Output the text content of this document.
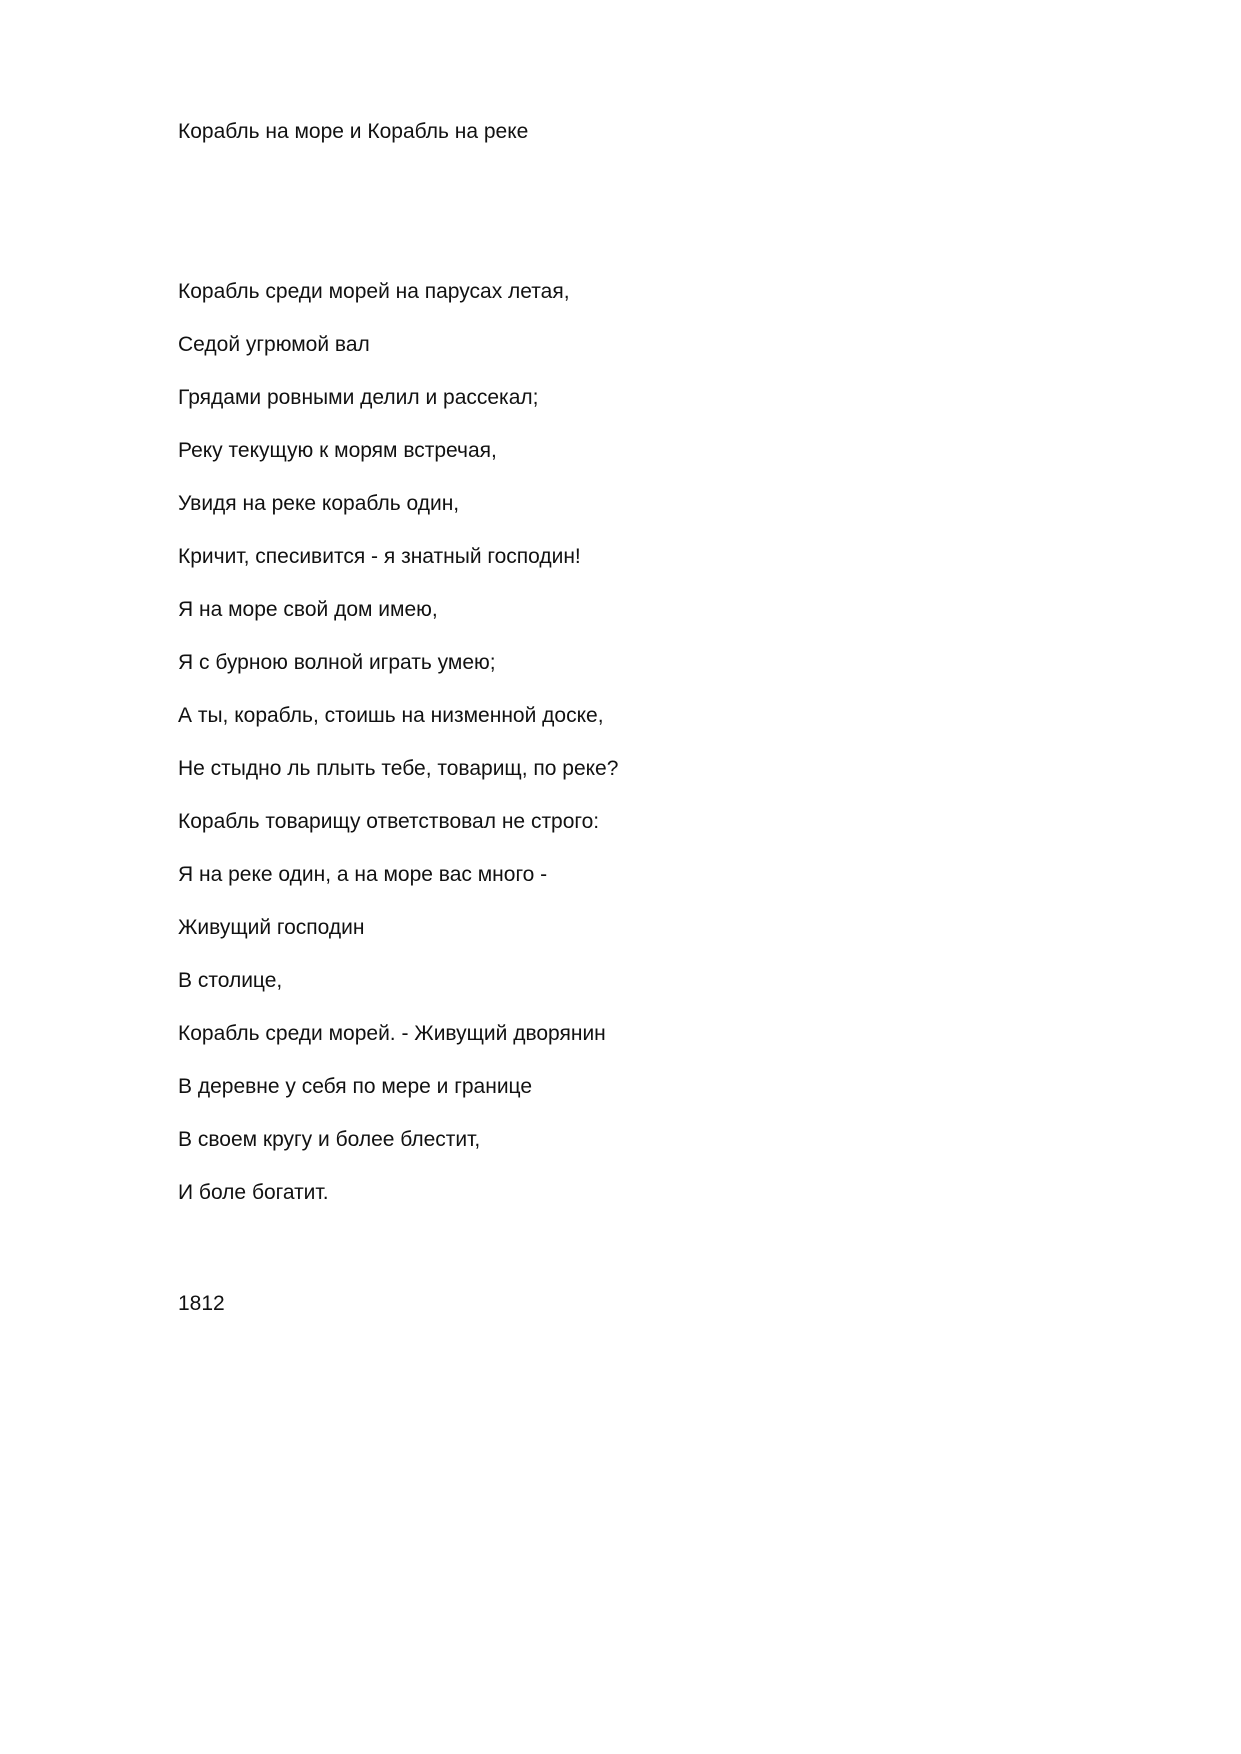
Корабль на море и Корабль на реке
Корабль среди морей на парусах летая,
Седой угрюмой вал
Грядами ровными делил и рассекал;
Реку текущую к морям встречая,
Увидя на реке корабль один,
Кричит, спесивится - я знатный господин!
Я на море свой дом имею,
Я с бурною волной играть умею;
А ты, корабль, стоишь на низменной доске,
Не стыдно ль плыть тебе, товарищ, по реке?
Корабль товарищу ответствовал не строго:
Я на реке один, а на море вас много -
Живущий господин
В столице,
Корабль среди морей. - Живущий дворянин
В деревне у себя по мере и границе
В своем кругу и более блестит,
И боле богатит.
1812
